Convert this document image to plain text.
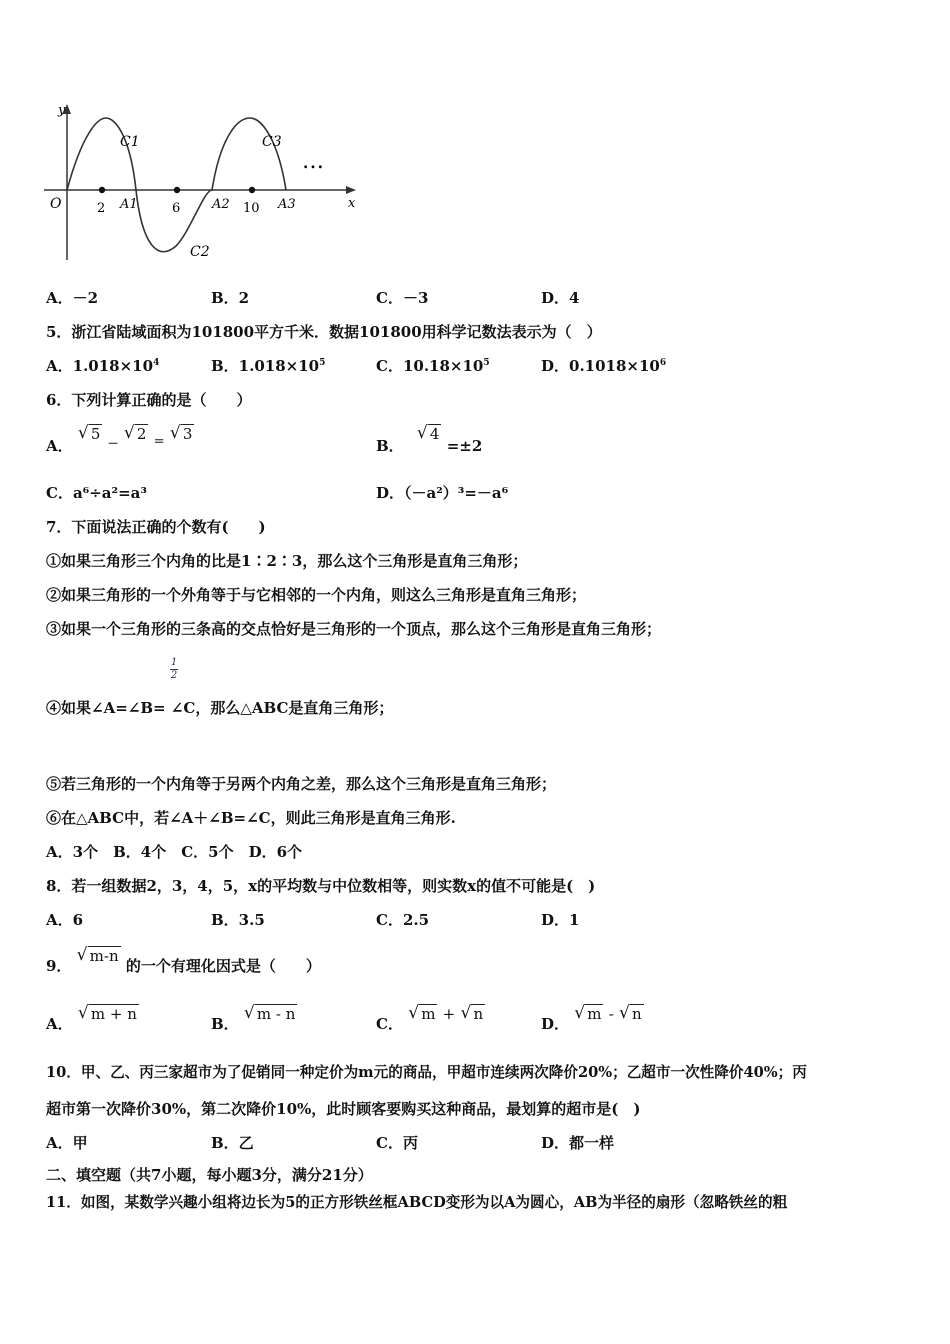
y
x
O
C1
C2
C3
2	6	10
A1	A2	A3
…
A．－2	B．2	C．－3	D．4
5．浙江省陆域面积为101800平方千米．数据101800用科学记数法表示为（　）
A．$1.018\times 10^4$	B．$1.018\times 10^5$	C．$10.18\times 10^5$	D．$0.1018\times 10^6$
6．下列计算正确的是（　　）
A．
√ 5 $_-$
√ 2 $_=$ √ 3
B．
√ 4 =±2
C．a⁶÷a²=a³	D．（－a²）³=－a⁶
7．下面说法正确的个数有(　　)
①如果三角形三个内角的比是1∶2∶3，那么这个三角形是直角三角形；
②如果三角形的一个外角等于与它相邻的一个内角，则这么三角形是直角三角形；
③如果一个三角形的三条高的交点恰好是三角形的一个顶点，那么这个三角形是直角三角形；
1
2
④如果∠A=∠B= ∠C，那么△ABC是直角三角形；
⑤若三角形的一个内角等于另两个内角之差，那么这个三角形是直角三角形；
⑥在△ABC中，若∠A＋∠B=∠C，则此三角形是直角三角形.
A．3个　B．4个　C．5个　D．6个
8．若一组数据2，3，4，5，x的平均数与中位数相等，则实数x的值不可能是(　)
A．6	B．3.5	C．2.5	D．1
9．
√ m-n 的一个有理化因式是（　　）
A．
√ m + n
B．
√ m - n
C．
√ m + √ n
D．
√ m - √ n
10．甲、乙、丙三家超市为了促销同一种定价为m元的商品，甲超市连续两次降价20%；乙超市一次性降价40%；丙
超市第一次降价30%，第二次降价10%，此时顾客要购买这种商品，最划算的超市是(　)
A．甲	B．乙	C．丙	D．都一样
二、填空题（共7小题，每小题3分，满分21分）
11．如图，某数学兴趣小组将边长为5的正方形铁丝框ABCD变形为以A为圆心，AB为半径的扇形（忽略铁丝的粗
